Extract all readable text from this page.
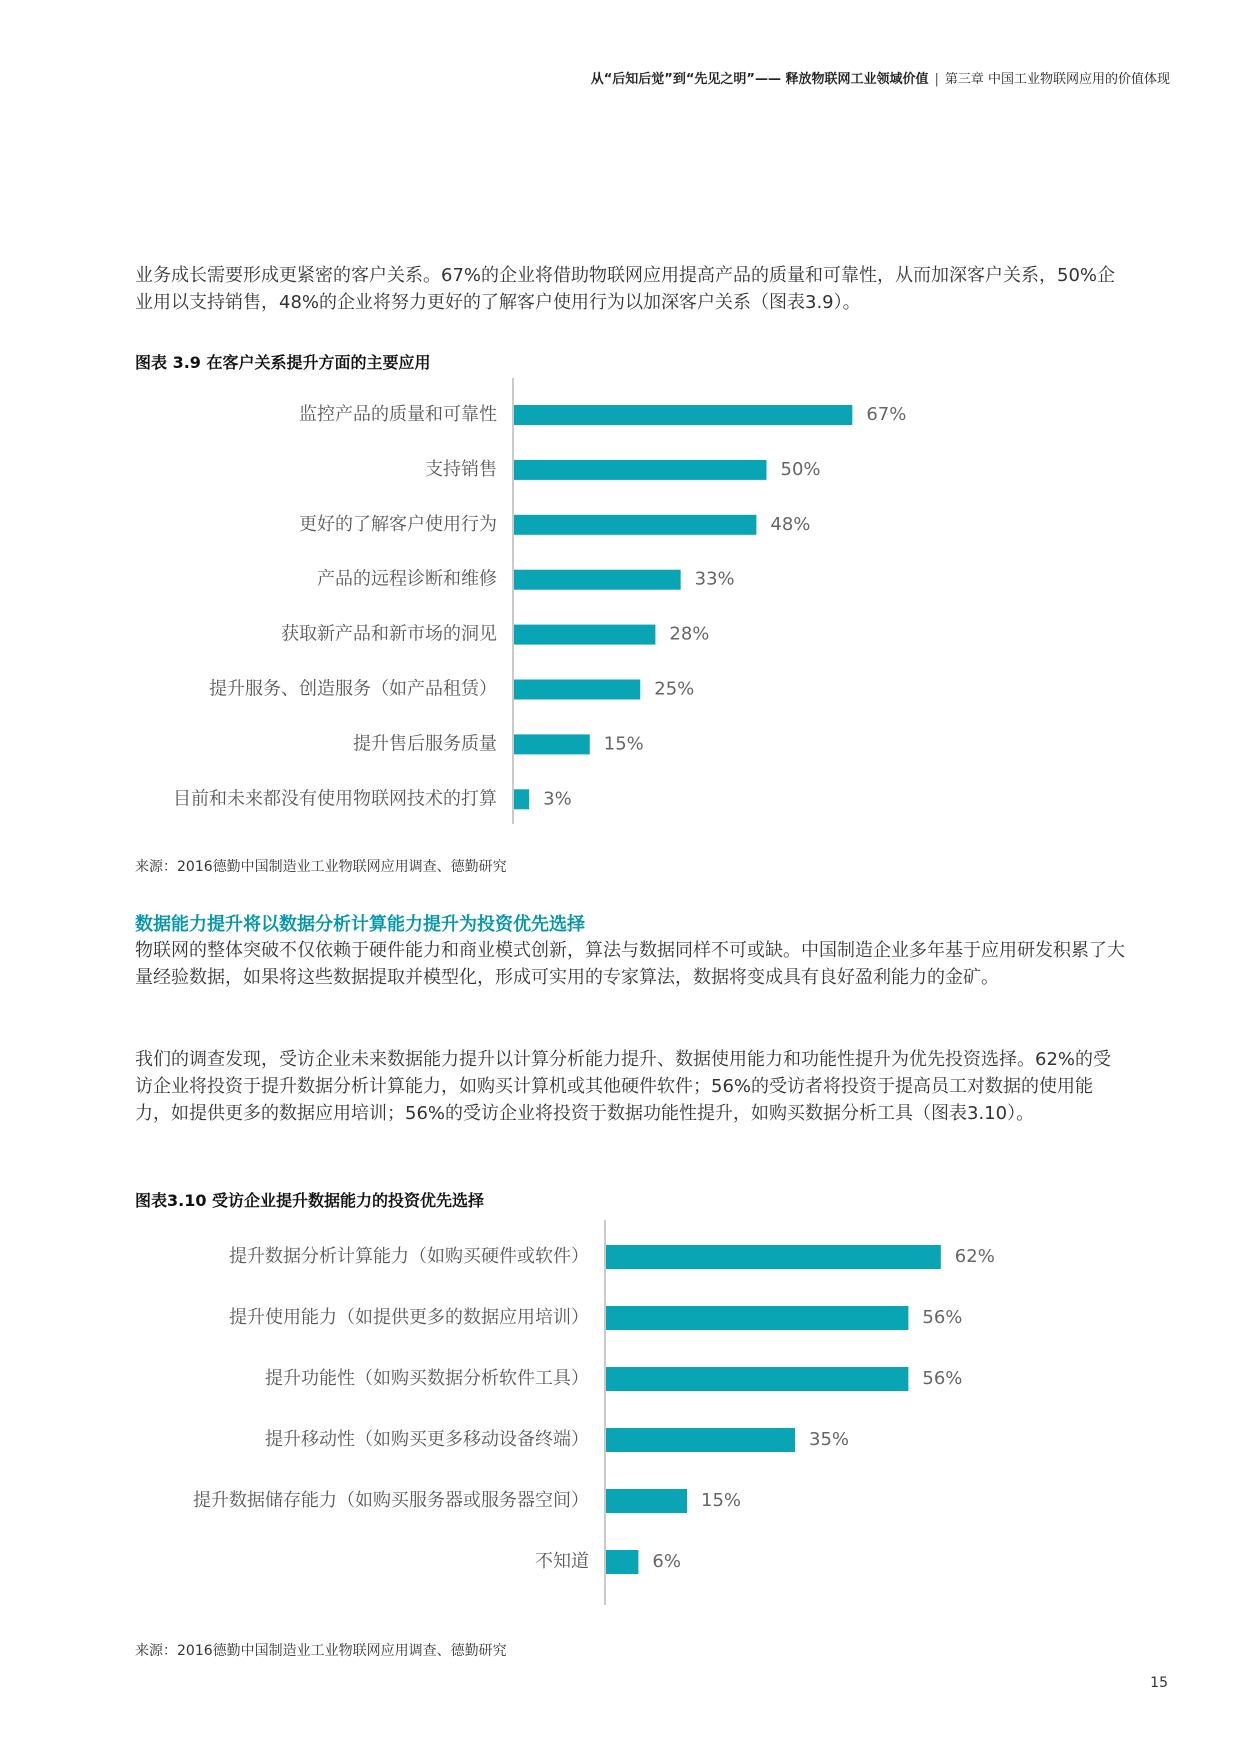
从“后知后觉”到“先见之明”—— 释放物联网工业领域价值 | 第三章 中国工业物联网应用的价值体现

业务成长需要形成更紧密的客户关系。67%的企业将借助物联网应用提高产品的质量和可靠性，从而加深客户关系，50%企业用以支持销售，48%的企业将努力更好的了解客户使用行为以加深客户关系（图表3.9）。

图表 3.9 在客户关系提升方面的主要应用
监控产品的质量和可靠性	67%
支持销售	50%
更好的了解客户使用行为	48%
产品的远程诊断和维修	33%
获取新产品和新市场的洞见	28%
提升服务、创造服务（如产品租赁）	25%
提升售后服务质量	15%
目前和未来都没有使用物联网技术的打算	3%
来源：2016德勤中国制造业工业物联网应用调查、德勤研究
数据能力提升将以数据分析计算能力提升为投资优先选择

物联网的整体突破不仅依赖于硬件能力和商业模式创新，算法与数据同样不可或缺。中国制造企业多年基于应用研发积累了大量经验数据，如果将这些数据提取并模型化，形成可实用的专家算法，数据将变成具有良好盈利能力的金矿。

我们的调查发现，受访企业未来数据能力提升以计算分析能力提升、数据使用能力和功能性提升为优先投资选择。62%的受访企业将投资于提升数据分析计算能力，如购买计算机或其他硬件软件；56%的受访者将投资于提高员工对数据的使用能力，如提供更多的数据应用培训；56%的受访企业将投资于数据功能性提升，如购买数据分析工具（图表3.10）。

图表3.10 受访企业提升数据能力的投资优先选择
提升数据分析计算能力（如购买硬件或软件）	62%
提升使用能力（如提供更多的数据应用培训）	56%
提升功能性（如购买数据分析软件工具）	56%
提升移动性（如购买更多移动设备终端）	35%
提升数据储存能力（如购买服务器或服务器空间）	15%
不知道	6%
来源：2016德勤中国制造业工业物联网应用调查、德勤研究
15
